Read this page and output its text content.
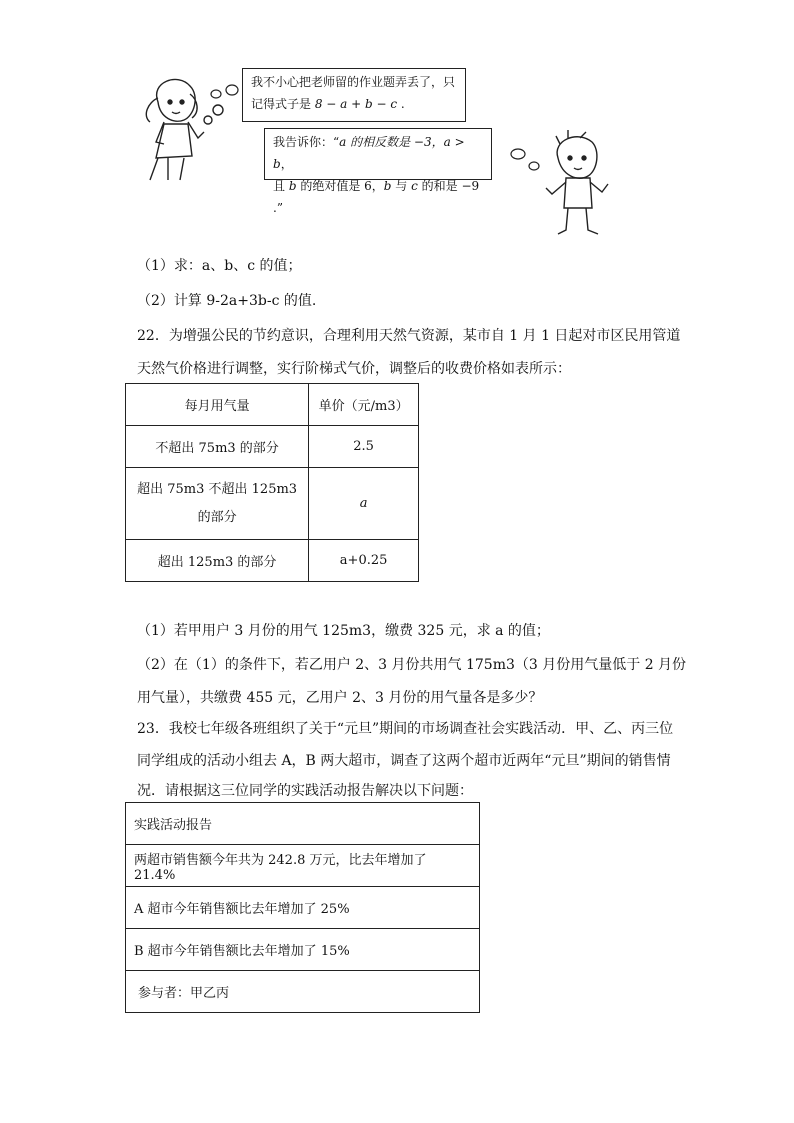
我不小心把老师留的作业题弄丢了，只
记得式子是 8 − a + b − c .
我告诉你：“a 的相反数是 −3，a > b，
且 b 的绝对值是 6，b 与 c 的和是 −9 .”
（1）求：a、b、c 的值；
（2）计算 9-2a+3b-c 的值.
22．为增强公民的节约意识，合理利用天然气资源，某市自 1 月 1 日起对市区民用管道
天然气价格进行调整，实行阶梯式气价，调整后的收费价格如表所示：
每月用气量	单价（元/m3）
不超出 75m3 的部分	2.5
超出 75m3 不超出 125m3 的部分	a
超出 125m3 的部分	a+0.25
（1）若甲用户 3 月份的用气 125m3，缴费 325 元，求 a 的值；
（2）在（1）的条件下，若乙用户 2、3 月份共用气 175m3（3 月份用气量低于 2 月份
用气量），共缴费 455 元，乙用户 2、3 月份的用气量各是多少？
23．我校七年级各班组织了关于“元旦”期间的市场调查社会实践活动．甲、乙、丙三位
同学组成的活动小组去 A，B 两大超市，调查了这两个超市近两年“元旦”期间的销售情
况．请根据这三位同学的实践活动报告解决以下问题：
实践活动报告
两超市销售额今年共为 242.8 万元，比去年增加了 21.4%
A 超市今年销售额比去年增加了 25%
B 超市今年销售额比去年增加了 15%
参与者：甲乙丙
